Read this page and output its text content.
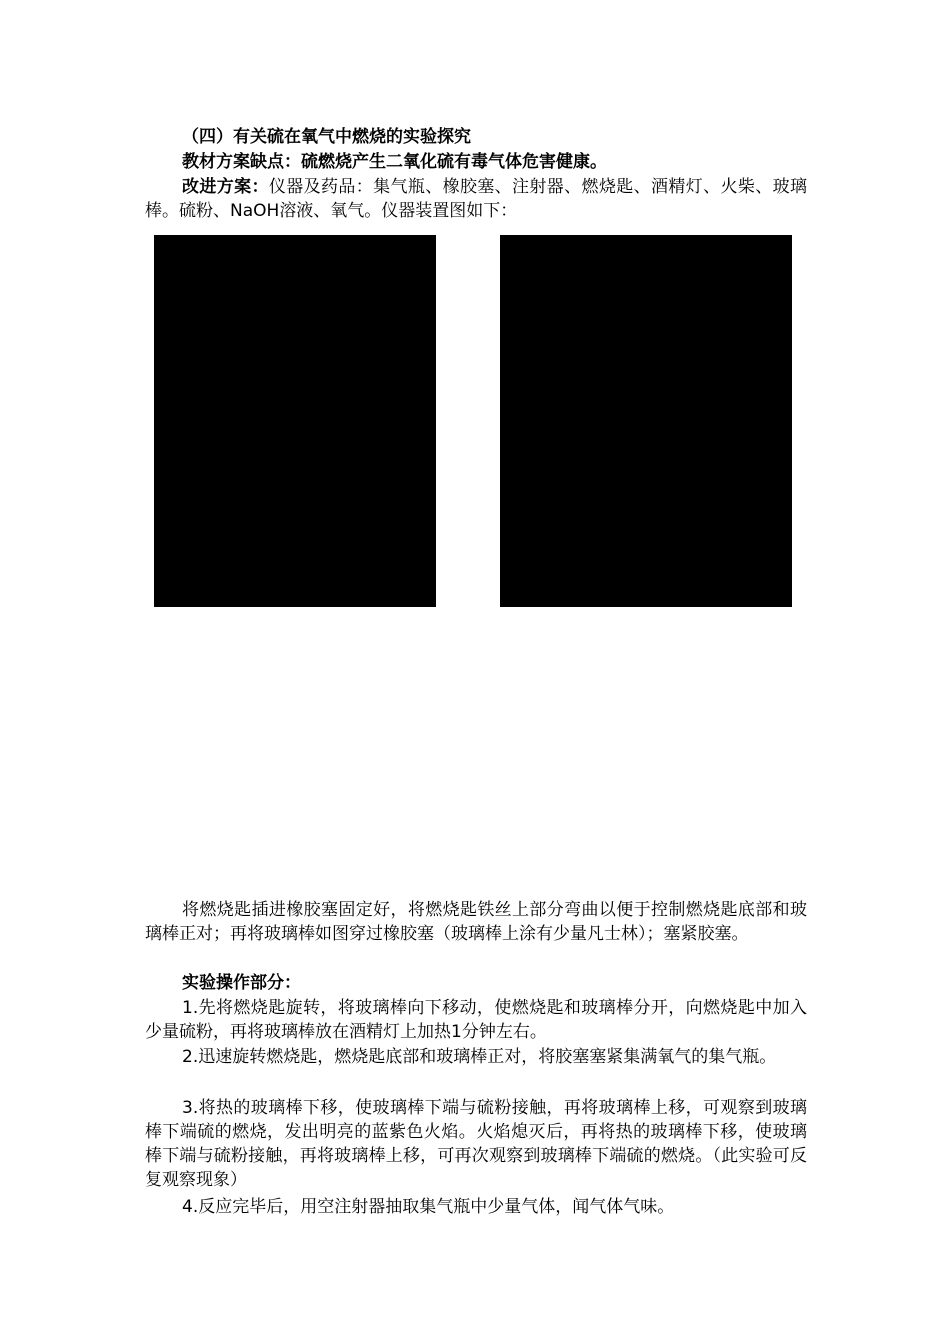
（四）有关硫在氧气中燃烧的实验探究

教材方案缺点：硫燃烧产生二氧化硫有毒气体危害健康。

改进方案：仪器及药品：集气瓶、橡胶塞、注射器、燃烧匙、酒精灯、火柴、玻璃棒。硫粉、NaOH溶液、氧气。仪器装置图如下：

将燃烧匙插进橡胶塞固定好，将燃烧匙铁丝上部分弯曲以便于控制燃烧匙底部和玻璃棒正对；再将玻璃棒如图穿过橡胶塞（玻璃棒上涂有少量凡士林）；塞紧胶塞。

实验操作部分：

1.先将燃烧匙旋转，将玻璃棒向下移动，使燃烧匙和玻璃棒分开，向燃烧匙中加入少量硫粉，再将玻璃棒放在酒精灯上加热1分钟左右。

2.迅速旋转燃烧匙，燃烧匙底部和玻璃棒正对，将胶塞塞紧集满氧气的集气瓶。

3.将热的玻璃棒下移，使玻璃棒下端与硫粉接触，再将玻璃棒上移，可观察到玻璃棒下端硫的燃烧，发出明亮的蓝紫色火焰。火焰熄灭后，再将热的玻璃棒下移，使玻璃棒下端与硫粉接触，再将玻璃棒上移，可再次观察到玻璃棒下端硫的燃烧。（此实验可反复观察现象）

4.反应完毕后，用空注射器抽取集气瓶中少量气体，闻气体气味。
